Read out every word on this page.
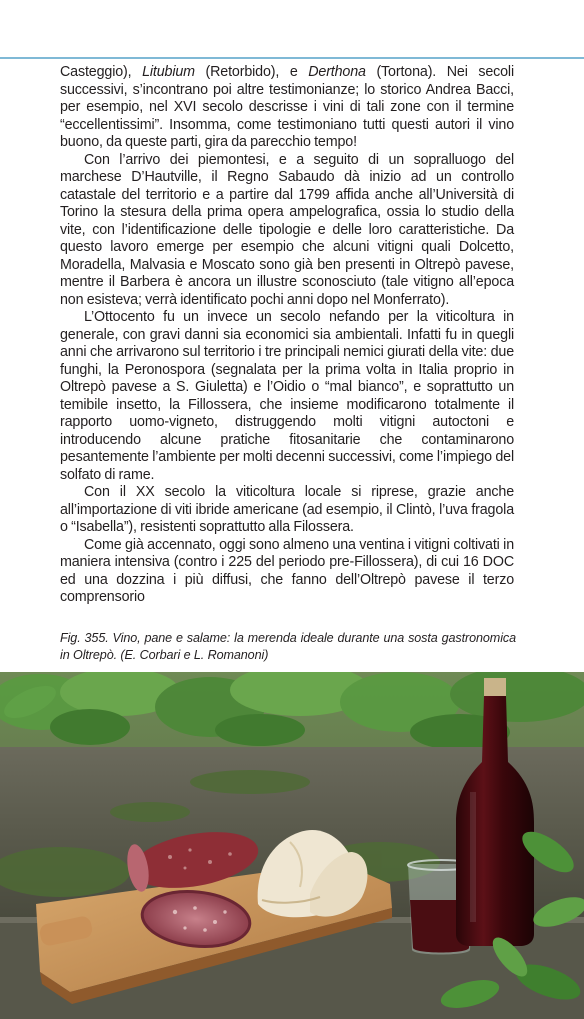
Casteggio), Litubium (Retorbido), e Derthona (Tortona). Nei secoli successivi, s’incontrano poi altre testimonianze; lo storico Andrea Bacci, per esempio, nel XVI secolo descrisse i vini di tali zone con il termine “eccellentissimi”. Insomma, come testimoniano tutti questi autori il vino buono, da queste parti, gira da parecchio tempo!

Con l’arrivo dei piemontesi, e a seguito di un sopralluogo del marchese D’Hautville, il Regno Sabaudo dà inizio ad un controllo catastale del territorio e a partire dal 1799 affida anche all’Università di Torino la stesura della prima opera ampelografica, ossia lo studio della vite, con l’identificazione delle tipologie e delle loro caratteristiche. Da questo lavoro emerge per esempio che alcuni vitigni quali Dolcetto, Moradella, Malvasia e Moscato sono già ben presenti in Oltrepò pavese, mentre il Barbera è ancora un illustre sconosciuto (tale vitigno all’epoca non esisteva; verrà identificato pochi anni dopo nel Monferrato).

L’Ottocento fu un invece un secolo nefando per la viticoltura in generale, con gravi danni sia economici sia ambientali. Infatti fu in quegli anni che arrivarono sul territorio i tre principali nemici giurati della vite: due funghi, la Peronospora (segnalata per la prima volta in Italia proprio in Oltrepò pavese a S. Giuletta) e l’Oidio o “mal bianco”, e soprattutto un temibile insetto, la Fillossera, che insieme modificarono totalmente il rapporto uomo-vigneto, distruggendo molti vitigni autoctoni e introducendo alcune pratiche fitosanitarie che contaminarono pesantemente l’ambiente per molti decenni successivi, come l’impiego del solfato di rame.

Con il XX secolo la viticoltura locale si riprese, grazie anche all’importazione di viti ibride americane (ad esempio, il Clintò, l’uva fragola o “Isabella”), resistenti soprattutto alla Filossera.

Come già accennato, oggi sono almeno una ventina i vitigni coltivati in maniera intensiva (contro i 225 del periodo pre-Fillossera), di cui 16 DOC ed una dozzina i più diffusi, che fanno dell’Oltrepò pavese il terzo comprensorio

Fig. 355. Vino, pane e salame: la merenda ideale durante una sosta gastronomica in Oltrepò. (E. Corbari e L. Romanoni)
